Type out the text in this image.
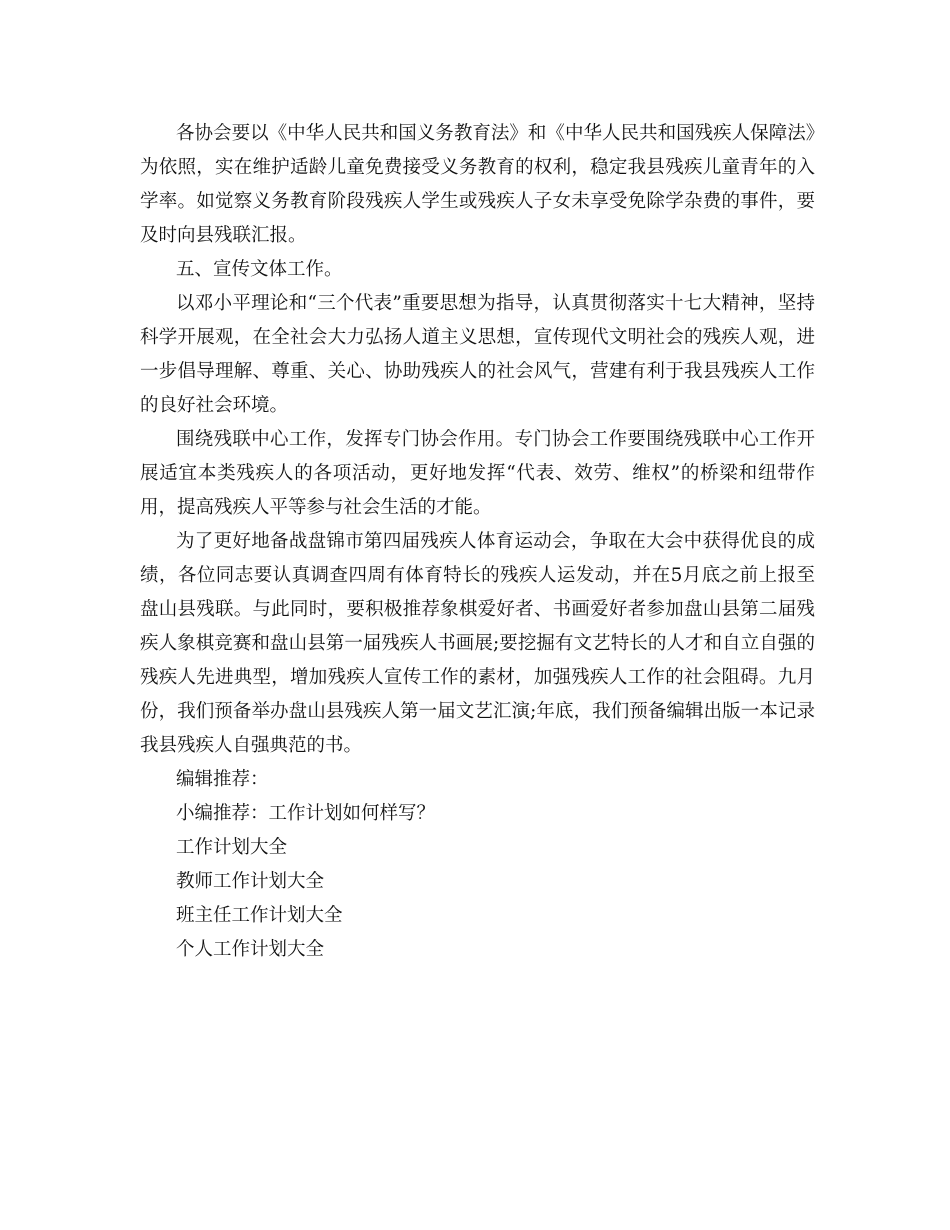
各协会要以《中华人民共和国义务教育法》和《中华人民共和国残疾人保障法》为依照，实在维护适龄儿童免费接受义务教育的权利，稳定我县残疾儿童青年的入学率。如觉察义务教育阶段残疾人学生或残疾人子女未享受免除学杂费的事件，要及时向县残联汇报。

五、宣传文体工作。

以邓小平理论和“三个代表”重要思想为指导，认真贯彻落实十七大精神，坚持科学开展观，在全社会大力弘扬人道主义思想，宣传现代文明社会的残疾人观，进一步倡导理解、尊重、关心、协助残疾人的社会风气，营建有利于我县残疾人工作的良好社会环境。

围绕残联中心工作，发挥专门协会作用。专门协会工作要围绕残联中心工作开展适宜本类残疾人的各项活动，更好地发挥“代表、效劳、维权”的桥梁和纽带作用，提高残疾人平等参与社会生活的才能。

为了更好地备战盘锦市第四届残疾人体育运动会，争取在大会中获得优良的成绩，各位同志要认真调查四周有体育特长的残疾人运发动，并在5月底之前上报至盘山县残联。与此同时，要积极推荐象棋爱好者、书画爱好者参加盘山县第二届残疾人象棋竞赛和盘山县第一届残疾人书画展;要挖掘有文艺特长的人才和自立自强的残疾人先进典型，增加残疾人宣传工作的素材，加强残疾人工作的社会阻碍。九月份，我们预备举办盘山县残疾人第一届文艺汇演;年底，我们预备编辑出版一本记录我县残疾人自强典范的书。

编辑推荐：

小编推荐：工作计划如何样写？

工作计划大全

教师工作计划大全

班主任工作计划大全

个人工作计划大全
